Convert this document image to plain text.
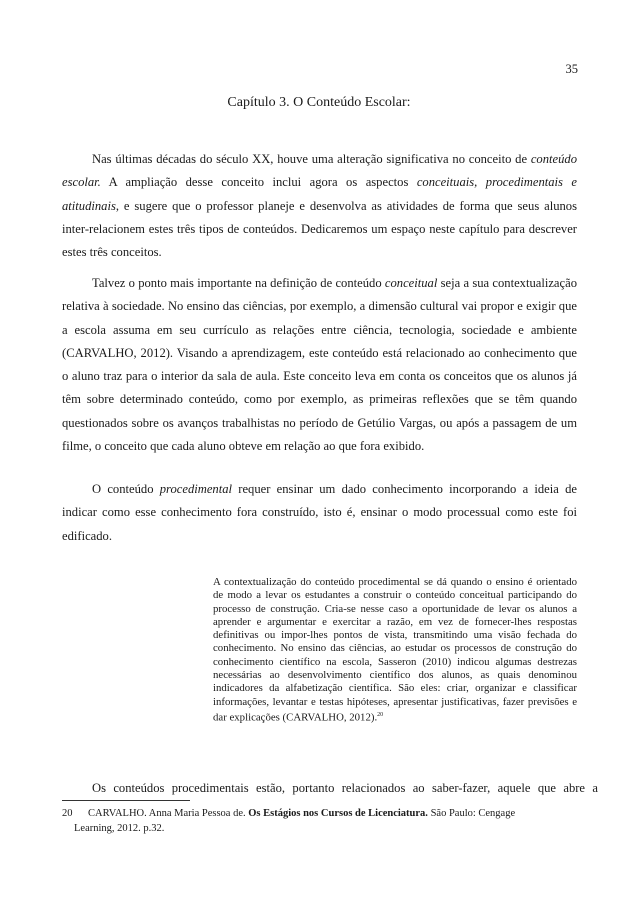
35
Capítulo 3. O Conteúdo Escolar:

Nas últimas décadas do século XX, houve uma alteração significativa no conceito de conteúdo escolar. A ampliação desse conceito inclui agora os aspectos conceituais, procedimentais e atitudinais, e sugere que o professor planeje e desenvolva as atividades de forma que seus alunos inter-relacionem estes três tipos de conteúdos. Dedicaremos um espaço neste capítulo para descrever estes três conceitos.

Talvez o ponto mais importante na definição de conteúdo conceitual seja a sua contextualização relativa à sociedade. No ensino das ciências, por exemplo, a dimensão cultural vai propor e exigir que a escola assuma em seu currículo as relações entre ciência, tecnologia, sociedade e ambiente (CARVALHO, 2012). Visando a aprendizagem, este conteúdo está relacionado ao conhecimento que o aluno traz para o interior da sala de aula. Este conceito leva em conta os conceitos que os alunos já têm sobre determinado conteúdo, como por exemplo, as primeiras reflexões que se têm quando questionados sobre os avanços trabalhistas no período de Getúlio Vargas, ou após a passagem de um filme, o conceito que cada aluno obteve em relação ao que fora exibido.

O conteúdo procedimental requer ensinar um dado conhecimento incorporando a ideia de indicar como esse conhecimento fora construído, isto é, ensinar o modo processual como este foi edificado.

A contextualização do conteúdo procedimental se dá quando o ensino é orientado de modo a levar os estudantes a construir o conteúdo conceitual participando do processo de construção. Cria-se nesse caso a oportunidade de levar os alunos a aprender e argumentar e exercitar a razão, em vez de fornecer-lhes respostas definitivas ou impor-lhes pontos de vista, transmitindo uma visão fechada do conhecimento. No ensino das ciências, ao estudar os processos de construção do conhecimento científico na escola, Sasseron (2010) indicou algumas destrezas necessárias ao desenvolvimento científico dos alunos, as quais denominou indicadores da alfabetização científica. São eles: criar, organizar e classificar informações, levantar e testas hipóteses, apresentar justificativas, fazer previsões e dar explicações (CARVALHO, 2012).$^{20}$

Os conteúdos procedimentais estão, portanto relacionados ao saber-fazer, aquele que abre a

20 CARVALHO. Anna Maria Pessoa de. Os Estágios nos Cursos de Licenciatura. São Paulo: Cengage
Learning, 2012. p.32.
